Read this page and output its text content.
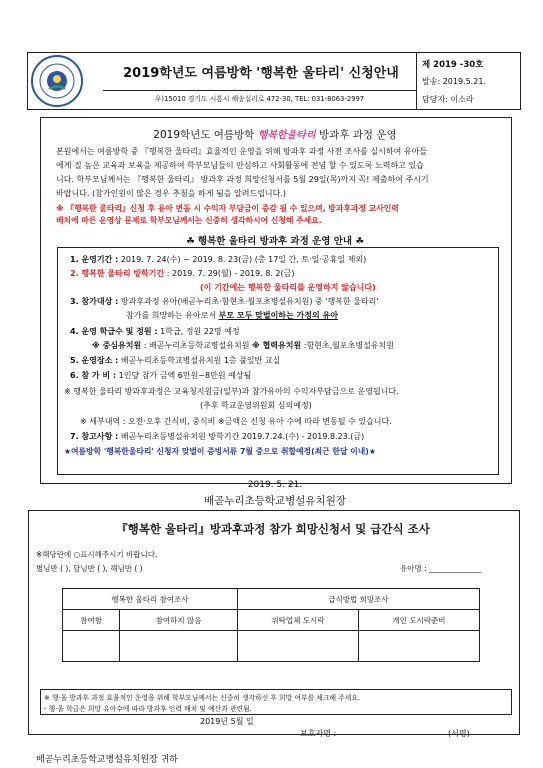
2019학년도 여름방학 '행복한 울타리' 신청안내
우)15010 경기도 시흥시 해송십리로 472-30, TEL: 031-8063-2997
제 2019 -30호
발송: 2019.5.21.
담당자: 이소라
2019학년도 여름방학 행복한울타리 방과후 과정 운영
본원에서는 여름방학 중 『행복한 울타리』효율적인 운영을 위해 방과후 과정 사전 조사를 실시하여 유아들
에게 질 높은 교육과 보육을 제공하여 학부모님들이 안심하고 사회활동에 전념 할 수 있도록 노력하고 있습
니다. 학부모님께서는 『행복한 울타리』 방과후 과정 희망신청서를 5월 29일(목)까지 꼭! 제출하여 주시기
바랍니다. (참가인원이 많은 경우 추첨을 하게 됨을 알려드립니다.)
※ 『행복한 울타리』신청 후 유아 변동 시 수익자 부담금이 증감 될 수 있으며, 방과후과정 교사인력
배치에 따른 운영상 문제로 학부모님께서는 신중히 생각하시어 신청해 주세요.
☘ 행복한 울타리 방과후 과정 운영 안내 ☘
1. 운영기간 : 2019. 7. 24(수) ~ 2019. 8. 23(금) (총 17일 간, 토·일·공휴일 제외)
2. 행복한 울타리 방학기간 : 2019. 7. 29(월) - 2019. 8. 2(금)
(이 기간에는 행복한 울타리를 운영하지 않습니다)
3. 참가대상 : 방과후과정 유아(배곧누리초·함현초·월포초병설유치원) 중 '행복한 울타리'
참가를 희망하는 유아로서 부모 모두 맞벌이하는 가정의 유아
4. 운영 학급수 및 정원 : 1학급, 정원 22명 예정
※ 중심유치원 : 배곧누리초등학교병설유치원 ※ 협력유치원 :함현초,월포초병설유치원
5. 운영장소 : 배곧누리초등학교병설유치원 1층 풀잎반 교실
6. 참 가 비 : 1인당 참가 금액 6만원~8만원 예상됨
※ 행복한 울타리 방과후과정은 교육청지원금(일부)과 참가유아의 수익자부담금으로 운영됩니다.
(추후 학교운영위원회 심의예정)
※ 세부내역 : 오전·오후 간식비, 중식비 ※금액은 신청 유아 수에 따라 변동될 수 있습니다.
7. 참고사항 : 배곧누리초등병설유치원 방학기간 2019.7.24.(수) - 2019.8.23.(금)
★여름방학 '행복한울타리' 신청자 맞벌이 증빙서류 7월 중으로 취합예정(최근 한달 이내)★
2019. 5. 21.
배곧누리초등학교병설유치원장
『행복한 울타리』방과후과정 참가 희망신청서 및 급간식 조사
※해당란에 ○표시해주시기 바랍니다.
별님반 ( ), 달님반 ( ), 해님반 ( )	유아명 : ______________
행복한 울타리 참여조사		급식방법 희망조사	
참여함	참여하지 않음	위탁업체 도시락	개인 도시락준비

※ 행·울 방과후 과정 효율적인 운영을 위해 학부모님께서는 신중히 생각하신 후 희망 여부를 체크해 주세요.
- 행·울 학급은 희망 유아수에 따라 방과후 인력 배치 및 예산과 관련됨.
2019년 5월 일
보호자명 :	(서명)
배곧누리초등학교병설유치원장 귀하
